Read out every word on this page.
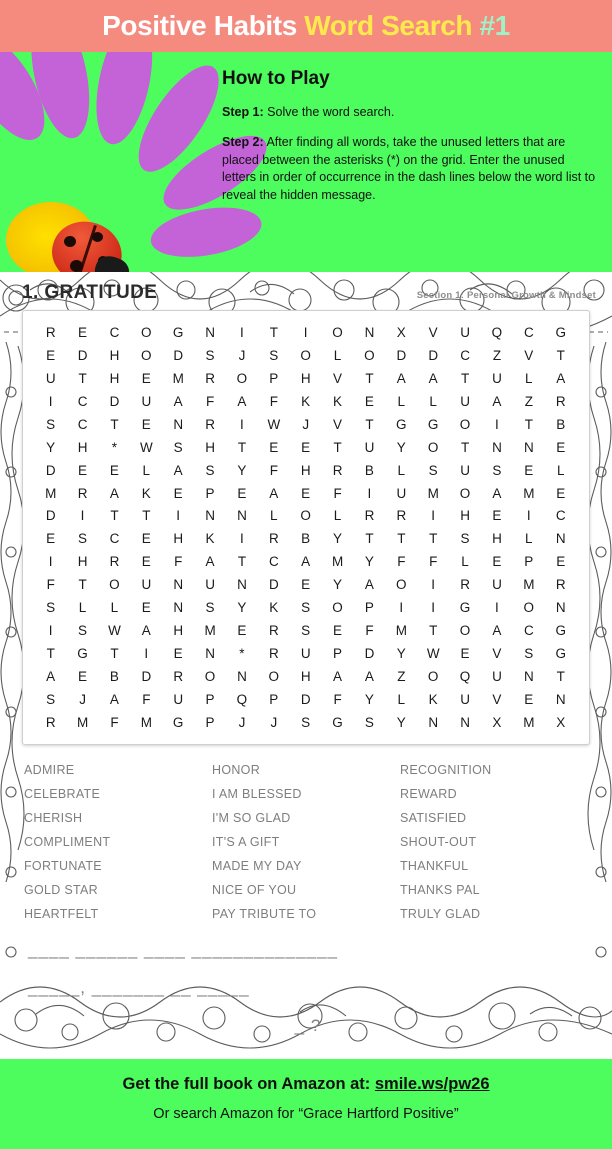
Positive Habits Word Search #1
How to Play
Step 1: Solve the word search.
Step 2: After finding all words, take the unused letters that are placed between the asterisks (*) on the grid. Enter the unused letters in order of occurrence in the dash lines below the word list to reveal the hidden message.
1. GRATITUDE	Section 1: Personal Growth & Mindset
R	E	C	O	G	N	I	T	I	O	N	X	V	U	Q	C	G
E	D	H	O	D	S	J	S	O	L	O	D	D	C	Z	V	T
U	T	H	E	M	R	O	P	H	V	T	A	A	T	U	L	A
I	C	D	U	A	F	A	F	K	K	E	L	L	U	A	Z	R
S	C	T	E	N	R	I	W	J	V	T	G	G	O	I	T	B
Y	H	*	W	S	H	T	E	E	T	U	Y	O	T	N	N	E
D	E	E	L	A	S	Y	F	H	R	B	L	S	U	S	E	L
M	R	A	K	E	P	E	A	E	F	I	U	M	O	A	M	E
D	I	T	T	I	N	N	L	O	L	R	R	I	H	E	I	C
E	S	C	E	H	K	I	R	B	Y	T	T	T	S	H	L	N
I	H	R	E	F	A	T	C	A	M	Y	F	F	L	E	P	E
F	T	O	U	N	U	N	D	E	Y	A	O	I	R	U	M	R
S	L	L	E	N	S	Y	K	S	O	P	I	I	G	I	O	N
I	S	W	A	H	M	E	R	S	E	F	M	T	O	A	C	G
T	G	T	I	E	N	*	R	U	P	D	Y	W	E	V	S	G
A	E	B	D	R	O	N	O	H	A	A	Z	O	Q	U	N	T
S	J	A	F	U	P	Q	P	D	F	Y	L	K	U	V	E	N
R	M	F	M	G	P	J	J	S	G	S	Y	N	N	X	M	X
ADMIRE
CELEBRATE
CHERISH
COMPLIMENT
FORTUNATE
GOLD STAR
HEARTFELT
HONOR
I AM BLESSED
I'M SO GLAD
IT'S A GIFT
MADE MY DAY
NICE OF YOU
PAY TRIBUTE TO
RECOGNITION
REWARD
SATISFIED
SHOUT-OUT
THANKFUL
THANKS PAL
TRULY GLAD
____ ______ ____ ______________
_____, _______ __ _____
_ ?
Get the full book on Amazon at: smile.ws/pw26
Or search Amazon for “Grace Hartford Positive”
